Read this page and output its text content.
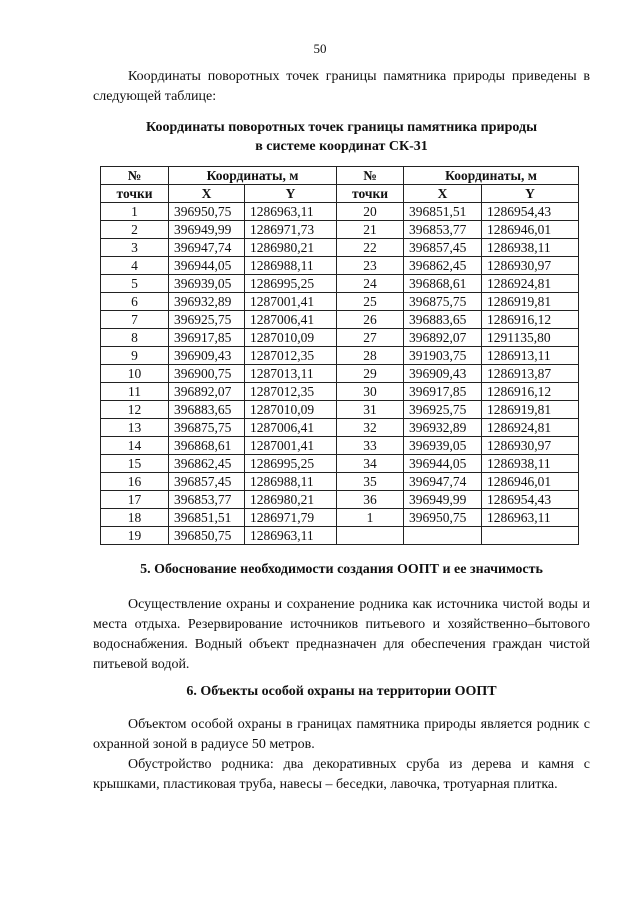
50

Координаты поворотных точек границы памятника природы приведены в следующей таблице:

Координаты поворотных точек границы памятника природы
в системе координат СК-31
№	Координаты, м		№	Координаты, м	
точки	X	Y	точки	X	Y
1	396950,75	1286963,11	20	396851,51	1286954,43
2	396949,99	1286971,73	21	396853,77	1286946,01
3	396947,74	1286980,21	22	396857,45	1286938,11
4	396944,05	1286988,11	23	396862,45	1286930,97
5	396939,05	1286995,25	24	396868,61	1286924,81
6	396932,89	1287001,41	25	396875,75	1286919,81
7	396925,75	1287006,41	26	396883,65	1286916,12
8	396917,85	1287010,09	27	396892,07	1291135,80
9	396909,43	1287012,35	28	391903,75	1286913,11
10	396900,75	1287013,11	29	396909,43	1286913,87
11	396892,07	1287012,35	30	396917,85	1286916,12
12	396883,65	1287010,09	31	396925,75	1286919,81
13	396875,75	1287006,41	32	396932,89	1286924,81
14	396868,61	1287001,41	33	396939,05	1286930,97
15	396862,45	1286995,25	34	396944,05	1286938,11
16	396857,45	1286988,11	35	396947,74	1286946,01
17	396853,77	1286980,21	36	396949,99	1286954,43
18	396851,51	1286971,79	1	396950,75	1286963,11
19	396850,75	1286963,11			
5. Обоснование необходимости создания ООПТ и ее значимость

Осуществление охраны и сохранение родника как источника чистой воды и места отдыха. Резервирование источников питьевого и хозяйственно–бытового водоснабжения. Водный объект предназначен для обеспечения граждан чистой питьевой водой.

6. Объекты особой охраны на территории ООПТ

Объектом особой охраны в границах памятника природы является родник с охранной зоной в радиусе 50 метров.

Обустройство родника: два декоративных сруба из дерева и камня с крышками, пластиковая труба, навесы – беседки, лавочка, тротуарная плитка.
